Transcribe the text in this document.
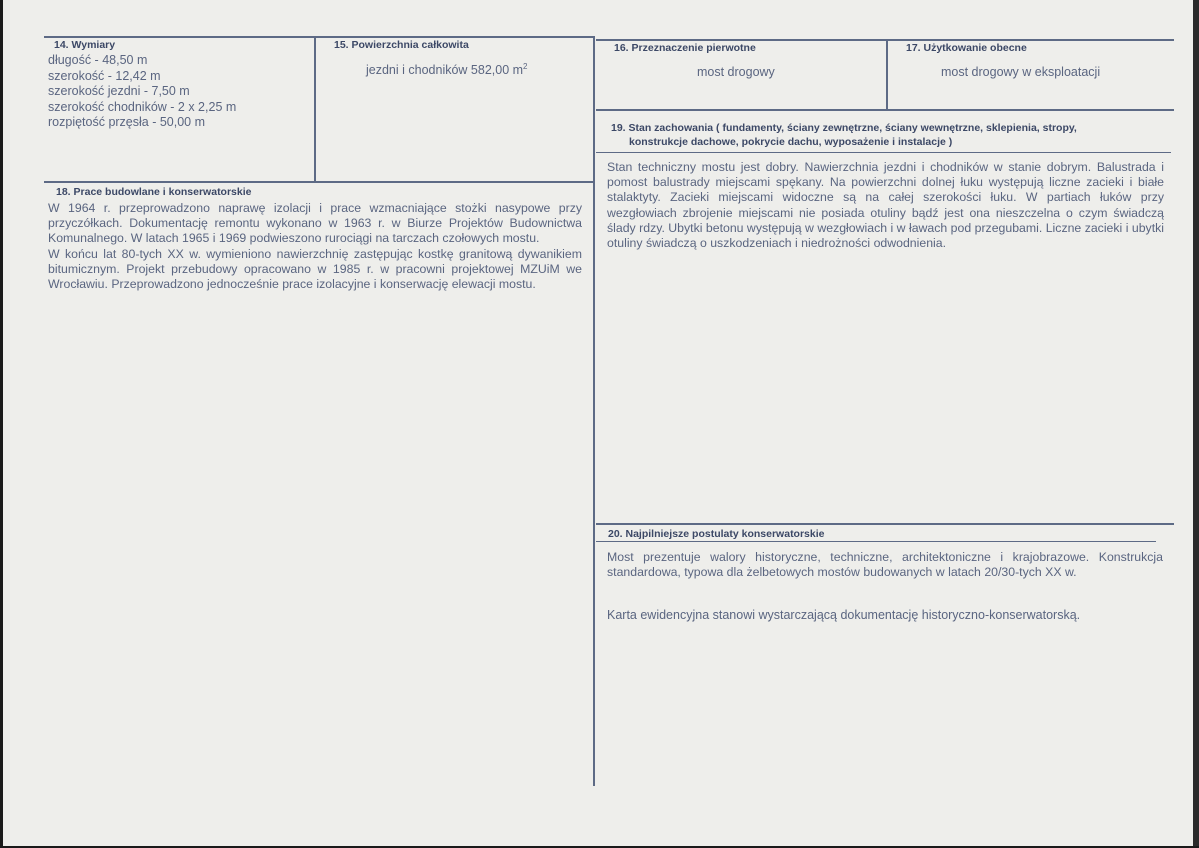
14. Wymiary
długość - 48,50 m
szerokość - 12,42 m
szerokość jezdni - 7,50 m
szerokość chodników - 2 x 2,25 m
rozpiętość przęsła - 50,00 m
15. Powierzchnia całkowita
jezdni i chodników 582,00 $m^2$
16. Przeznaczenie pierwotne
most drogowy
17. Użytkowanie obecne
most drogowy w eksploatacji
18. Prace budowlane i konserwatorskie
W 1964 r. przeprowadzono naprawę izolacji i prace wzmacniające stożki nasypowe przy przyczółkach. Dokumentację remontu wykonano w 1963 r. w Biurze Projektów Budownictwa Komunalnego. W latach 1965 i 1969 podwieszono rurociągi na tarczach czołowych mostu.
W końcu lat 80-tych XX w. wymieniono nawierzchnię zastępując kostkę granitową dywanikiem bitumicznym. Projekt przebudowy opracowano w 1985 r. w pracowni projektowej MZUiM we Wrocławiu. Przeprowadzono jednocześnie prace izolacyjne i konserwację elewacji mostu.
19. Stan zachowania ( fundamenty, ściany zewnętrzne, ściany wewnętrzne, sklepienia, stropy,
konstrukcje dachowe, pokrycie dachu, wyposażenie i instalacje )
Stan techniczny mostu jest dobry. Nawierzchnia jezdni i chodników w stanie dobrym. Balustrada i pomost balustrady miejscami spękany. Na powierzchni dolnej łuku występują liczne zacieki i białe stalaktyty. Zacieki miejscami widoczne są na całej szerokości łuku. W partiach łuków przy wezgłowiach zbrojenie miejscami nie posiada otuliny bądź jest ona nieszczelna o czym świadczą ślady rdzy. Ubytki betonu występują w wezgłowiach i w ławach pod przegubami. Liczne zacieki i ubytki otuliny świadczą o uszkodzeniach i niedrożności odwodnienia.
20. Najpilniejsze postulaty konserwatorskie
Most prezentuje walory historyczne, techniczne, architektoniczne i krajobrazowe. Konstrukcja standardowa, typowa dla żelbetowych mostów budowanych w latach 20/30-tych XX w.
Karta ewidencyjna stanowi wystarczającą dokumentację historyczno-konserwatorską.
